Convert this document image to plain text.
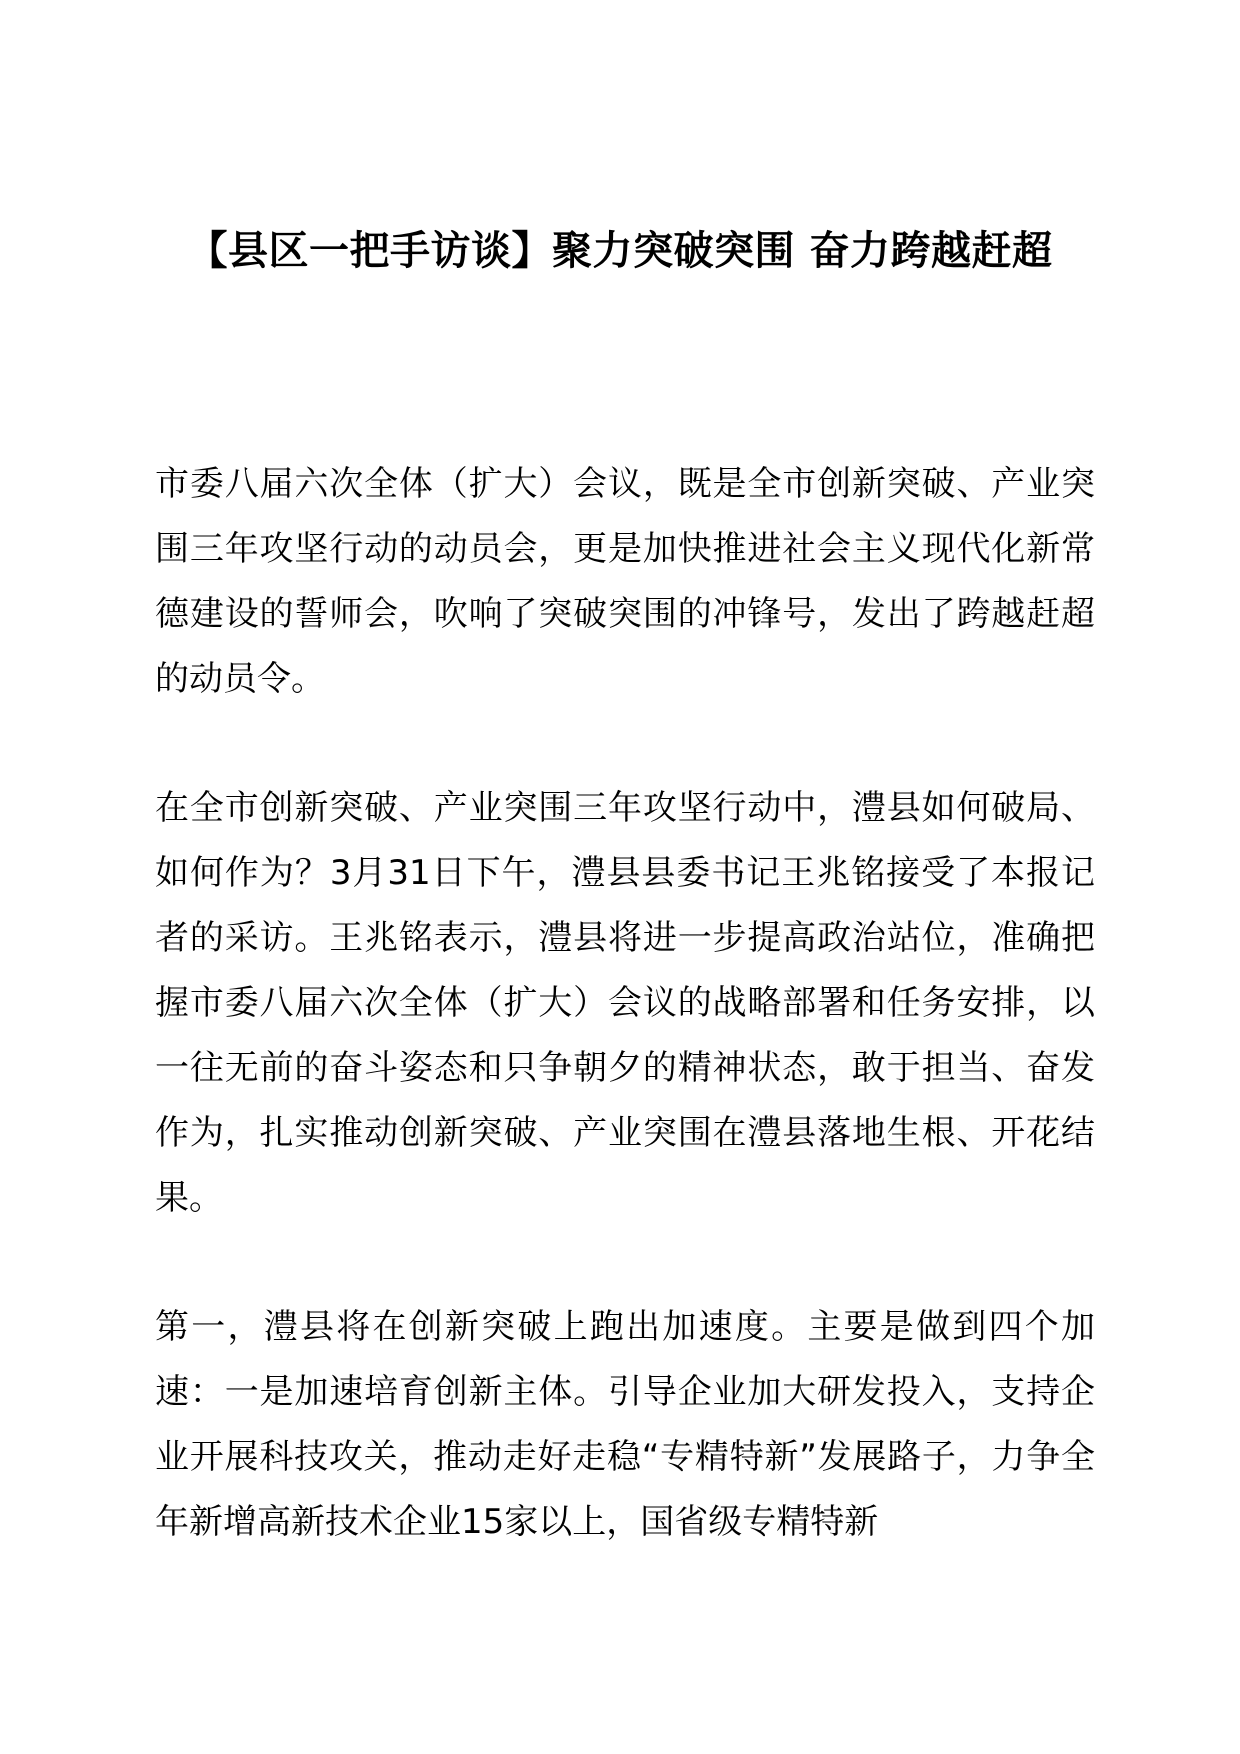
【县区一把手访谈】聚力突破突围 奋力跨越赶超

市委八届六次全体（扩大）会议，既是全市创新突破、产业突围三年攻坚行动的动员会，更是加快推进社会主义现代化新常德建设的誓师会，吹响了突破突围的冲锋号，发出了跨越赶超的动员令。

在全市创新突破、产业突围三年攻坚行动中，澧县如何破局、如何作为？3月31日下午，澧县县委书记王兆铭接受了本报记者的采访。王兆铭表示，澧县将进一步提高政治站位，准确把握市委八届六次全体（扩大）会议的战略部署和任务安排，以一往无前的奋斗姿态和只争朝夕的精神状态，敢于担当、奋发作为，扎实推动创新突破、产业突围在澧县落地生根、开花结果。

第一，澧县将在创新突破上跑出加速度。主要是做到四个加速：一是加速培育创新主体。引导企业加大研发投入，支持企业开展科技攻关，推动走好走稳“专精特新”发展路子，力争全年新增高新技术企业15家以上，国省级专精特新
